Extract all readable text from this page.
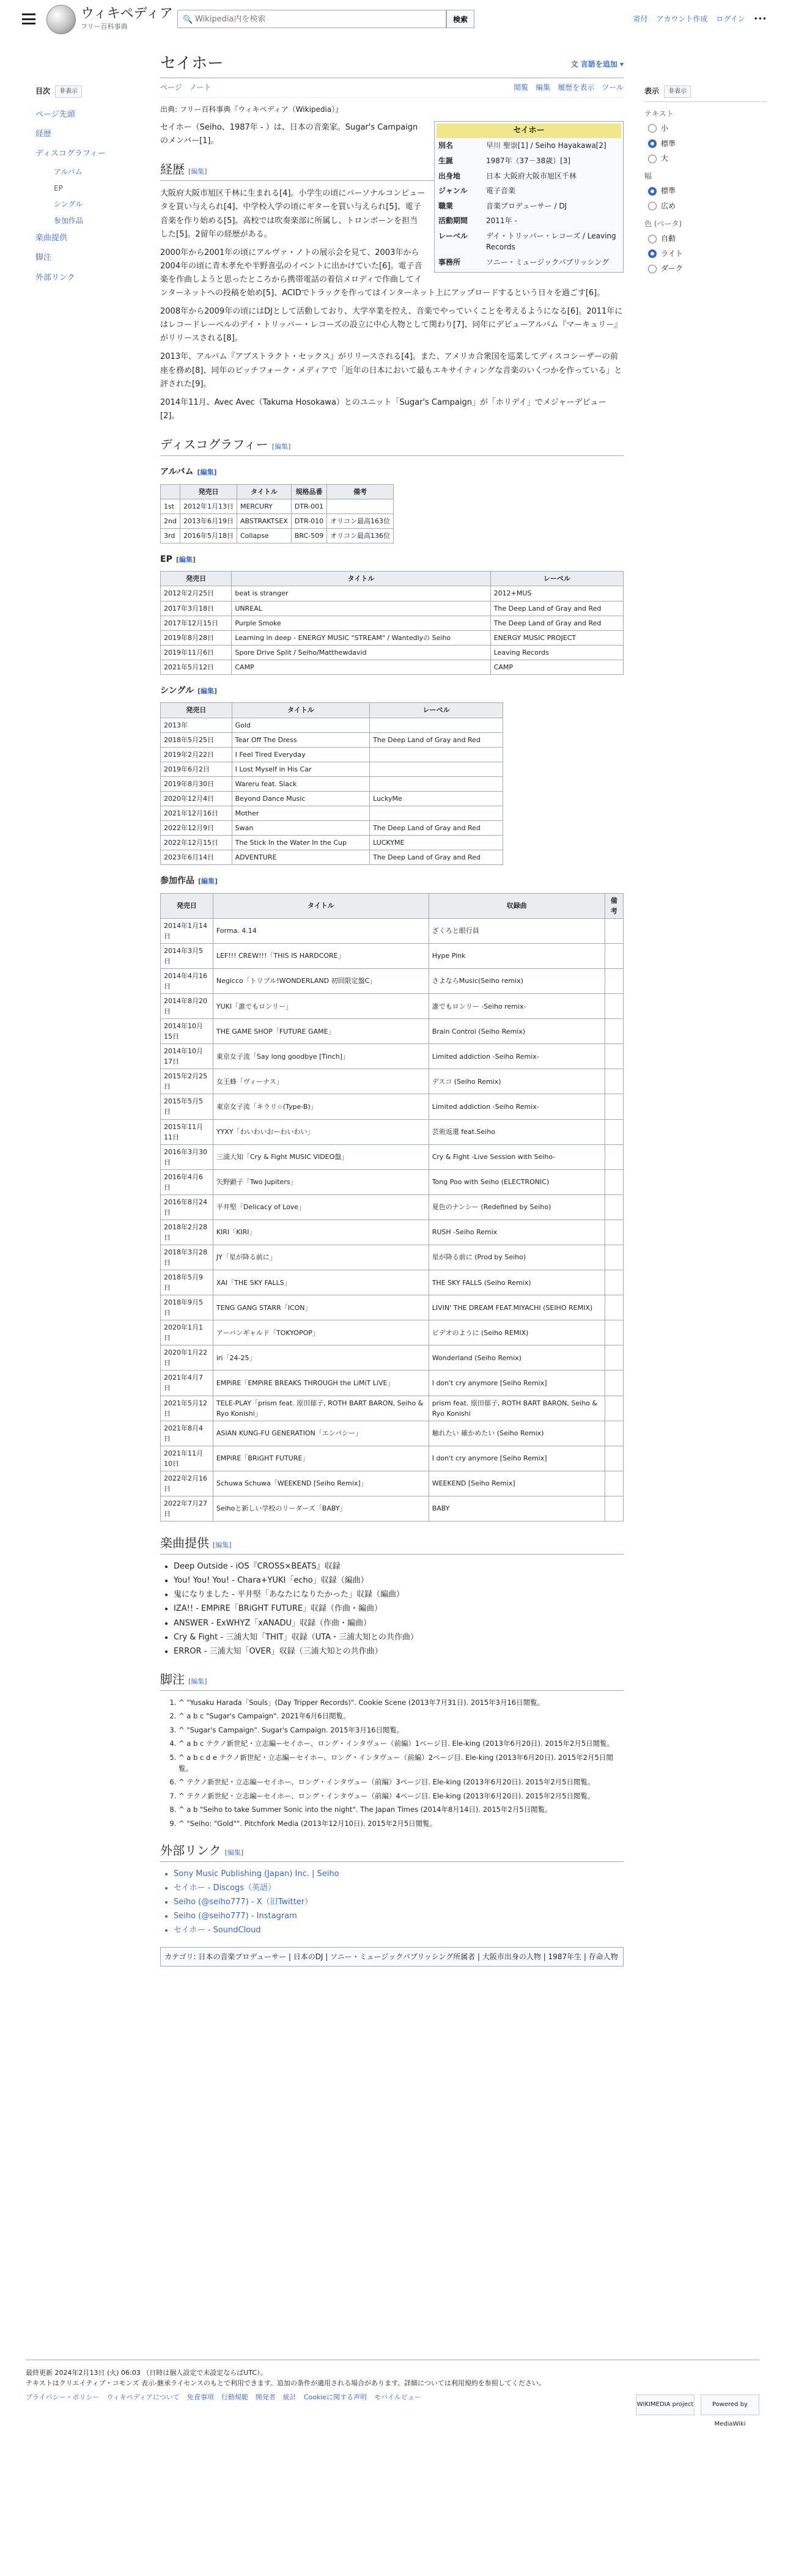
ウィキペディア
フリー百科事典
🔍
Wikipedia内を検索	検索	寄付 アカウント作成 ログイン •••
目次	非表示
ページ先頭
経歴
ディスコグラフィー
アルバム
EP
シングル
参加作品
楽曲提供
脚注
外部リンク
表示	非表示
テキスト
小
標準
大
幅
標準
広め
色 (ベータ)
自動
ライト
ダーク
セイホー	文 言語を追加 ▾
ページ ノート	閲覧 編集 履歴を表示 ツール
出典: フリー百科事典『ウィキペディア（Wikipedia）』
セイホー
別名	早川 聖崇[1] / Seiho Hayakawa[2]
生誕	1987年（37－38歳）[3]
出身地	日本 大阪府大阪市旭区千林
ジャンル	電子音楽
職業	音楽プロデューサー / DJ
活動期間	2011年 -
レーベル	デイ・トリッパー・レコーズ / Leaving Records
事務所	ソニー・ミュージックパブリッシング

セイホー（Seiho、1987年 - ）は、日本の音楽家。Sugar's Campaignのメンバー[1]。

経歴 [編集]

大阪府大阪市旭区千林に生まれる[4]。小学生の頃にパーソナルコンピュータを買い与えられ[4]、中学校入学の頃にギターを買い与えられ[5]、電子音楽を作り始める[5]。高校では吹奏楽部に所属し、トロンボーンを担当した[5]。2留年の経歴がある。

2000年から2001年の頃にアルヴァ・ノトの展示会を見て、2003年から2004年の頃に青木孝允や半野喜弘のイベントに出かけていた[6]。電子音楽を作曲しようと思ったところから携帯電話の着信メロディで作曲してインターネットへの投稿を始め[5]、ACIDでトラックを作ってはインターネット上にアップロードするという日々を過ごす[6]。

2008年から2009年の頃にはDJとして活動しており、大学卒業を控え、音楽でやっていくことを考えるようになる[6]。2011年にはレコードレーベルのデイ・トリッパー・レコーズの設立に中心人物として関わり[7]、同年にデビューアルバム『マーキュリー』がリリースされる[8]。

2013年、アルバム『アブストラクト・セックス』がリリースされる[4]。また、アメリカ合衆国を巡業してディスコシーザーの前座を務め[8]、同年のピッチフォーク・メディアで「近年の日本において最もエキサイティングな音楽のいくつかを作っている」と評された[9]。

2014年11月、Avec Avec（Takuma Hosokawa）とのユニット「Sugar's Campaign」が「ホリデイ」でメジャーデビュー[2]。

ディスコグラフィー [編集]
アルバム [編集]
	発売日	タイトル	規格品番	備考
1st	2012年1月13日	MERCURY	DTR-001	
2nd	2013年6月19日	ABSTRAKTSEX	DTR-010	オリコン最高163位
3rd	2016年5月18日	Collapse	BRC-509	オリコン最高136位
EP [編集]
発売日	タイトル	レーベル
2012年2月25日	beat is stranger	2012+MUS
2017年3月18日	UNREAL	The Deep Land of Gray and Red
2017年12月15日	Purple Smoke	The Deep Land of Gray and Red
2019年8月28日	Learning in deep - ENERGY MUSIC "STREAM" / Wantedlyの Seiho	ENERGY MUSIC PROJECT
2019年11月6日	Spore Drive Split / Seiho/Matthewdavid	Leaving Records
2021年5月12日	CAMP	CAMP
シングル [編集]
発売日	タイトル	レーベル
2013年	Gold	
2018年5月25日	Tear Off The Dress	The Deep Land of Gray and Red
2019年2月22日	I Feel Tired Everyday	
2019年6月2日	I Lost Myself in His Car	
2019年8月30日	Wareru feat. Slack	
2020年12月4日	Beyond Dance Music	LuckyMe
2021年12月16日	Mother	
2022年12月9日	Swan	The Deep Land of Gray and Red
2022年12月15日	The Stick In the Water In the Cup	LUCKYME
2023年6月14日	ADVENTURE	The Deep Land of Gray and Red
参加作品 [編集]
発売日	タイトル	収録曲	備考
2014年1月14日	Forma. 4.14	ざくろと眼行員	
2014年3月5日	LEF!!! CREW!!!「THIS IS HARDCORE」	Hype Pink	
2014年4月16日	Negicco「トリプル!WONDERLAND 初回限定盤C」	さよならMusic(Seiho remix)	
2014年8月20日	YUKI「誰でもロンリー」	誰でもロンリー -Seiho remix-	
2014年10月15日	THE GAME SHOP「FUTURE GAME」	Brain Control (Seiho Remix)	
2014年10月17日	東京女子流「Say long goodbye [Tinch]」	Limited addiction -Seiho Remix-	
2015年2月25日	女王蜂「ヴィーナス」	デスコ (Seiho Remix)	
2015年5月5日	東京女子流「キラリ☆(Type-B)」	Limited addiction -Seiho Remix-	
2015年11月11日	YYXY「わいわいおーわいわい」	芸術返還 feat.Seiho	
2016年3月30日	三浦大知「Cry & Fight MUSIC VIDEO盤」	Cry & Fight -Live Session with Seiho-	
2016年4月6日	矢野顕子「Two Jupiters」	Tong Poo with Seiho (ELECTRONIC)	
2016年8月24日	平井堅「Delicacy of Love」	夏色のナンシー (Redefined by Seiho)	
2018年2月28日	KIRI「KIRI」	RUSH -Seiho Remix	
2018年3月28日	JY「星が降る前に」	星が降る前に (Prod by Seiho)	
2018年5月9日	XAI「THE SKY FALLS」	THE SKY FALLS (Seiho Remix)	
2018年9月5日	TENG GANG STARR「ICON」	LIVIN' THE DREAM FEAT.MIYACHI (SEIHO REMIX)	
2020年1月1日	アーバンギャルド「TOKYOPOP」	ビデオのように (Seiho REMIX)	
2020年1月22日	iri「24-25」	Wonderland (Seiho Remix)	
2021年4月7日	EMPiRE「EMPiRE BREAKS THROUGH the LiMiT LiVE」	I don't cry anymore [Seiho Remix]	
2021年5月12日	TELE-PLAY「prism feat. 原田郁子, ROTH BART BARON, Seiho & Ryo Konishi」	prism feat. 原田郁子, ROTH BART BARON, Seiho & Ryo Konishi	
2021年8月4日	ASIAN KUNG-FU GENERATION「エンパシー」	触れたい 確かめたい (Seiho Remix)	
2021年11月10日	EMPiRE「BRiGHT FUTURE」	I don't cry anymore [Seiho Remix]	
2022年2月16日	Schuwa Schuwa「WEEKEND [Seiho Remix]」	WEEKEND [Seiho Remix]	
2022年7月27日	Seihoと新しい学校のリーダーズ「BABY」	BABY	
楽曲提供 [編集]
• Deep Outside - iOS『CROSS×BEATS』収録
• You! You! You! - Chara+YUKI「echo」収録（編曲）
• 鬼になりました - 平井堅「あなたになりたかった」収録（編曲）
• IZA!! - EMPiRE「BRiGHT FUTURE」収録（作曲・編曲）
• ANSWER - ExWHYZ「xANADU」収録（作曲・編曲）
• Cry & Fight - 三浦大知「THIT」収録（UTA・三浦大知との共作曲）
• ERROR - 三浦大知「OVER」収録（三浦大知との共作曲）
脚注 [編集]
1. ^ "Yusaku Harada「Souls」(Day Tripper Records)". Cookie Scene (2013年7月31日). 2015年3月16日閲覧。
2. ^ a b c "Sugar's Campaign". 2021年6月6日閲覧。
3. ^ "Sugar's Campaign". Sugar's Campaign. 2015年3月16日閲覧。
4. ^ a b c テクノ新世紀・立志編ーセイホー、ロング・インタヴュー（前編）1ページ目. Ele-king (2013年6月20日). 2015年2月5日閲覧。
5. ^ a b c d e テクノ新世紀・立志編ーセイホー、ロング・インタヴュー（前編）2ページ目. Ele-king (2013年6月20日). 2015年2月5日閲覧。
6. ^ テクノ新世紀・立志編ーセイホー、ロング・インタヴュー（前編）3ページ目. Ele-king (2013年6月20日). 2015年2月5日閲覧。
7. ^ テクノ新世紀・立志編ーセイホー、ロング・インタヴュー（前編）4ページ目. Ele-king (2013年6月20日). 2015年2月5日閲覧。
8. ^ a b "Seiho to take Summer Sonic into the night". The Japan Times (2014年8月14日). 2015年2月5日閲覧。
9. ^ "Seiho: "Gold"". Pitchfork Media (2013年12月10日). 2015年2月5日閲覧。
外部リンク [編集]
• Sony Music Publishing (Japan) Inc. | Seiho
• セイホー - Discogs（英語）
• Seiho (@seiho777) - X（旧Twitter）
• Seiho (@seiho777) - Instagram
• セイホー - SoundCloud
カテゴリ: 日本の音楽プロデューサー | 日本のDJ | ソニー・ミュージックパブリッシング所属者 | 大阪市出身の人物 | 1987年生 | 存命人物
最終更新 2024年2月13日 (火) 06:03 （日時は個人設定で未設定ならばUTC）。
テキストはクリエイティブ・コモンズ 表示-継承ライセンスのもとで利用できます。追加の条件が適用される場合があります。詳細については利用規約を参照してください。
プライバシー・ポリシー ウィキペディアについて 免責事項 行動規範 開発者 統計 Cookieに関する声明 モバイルビュー
WIKIMEDIA project	Powered by MediaWiki
